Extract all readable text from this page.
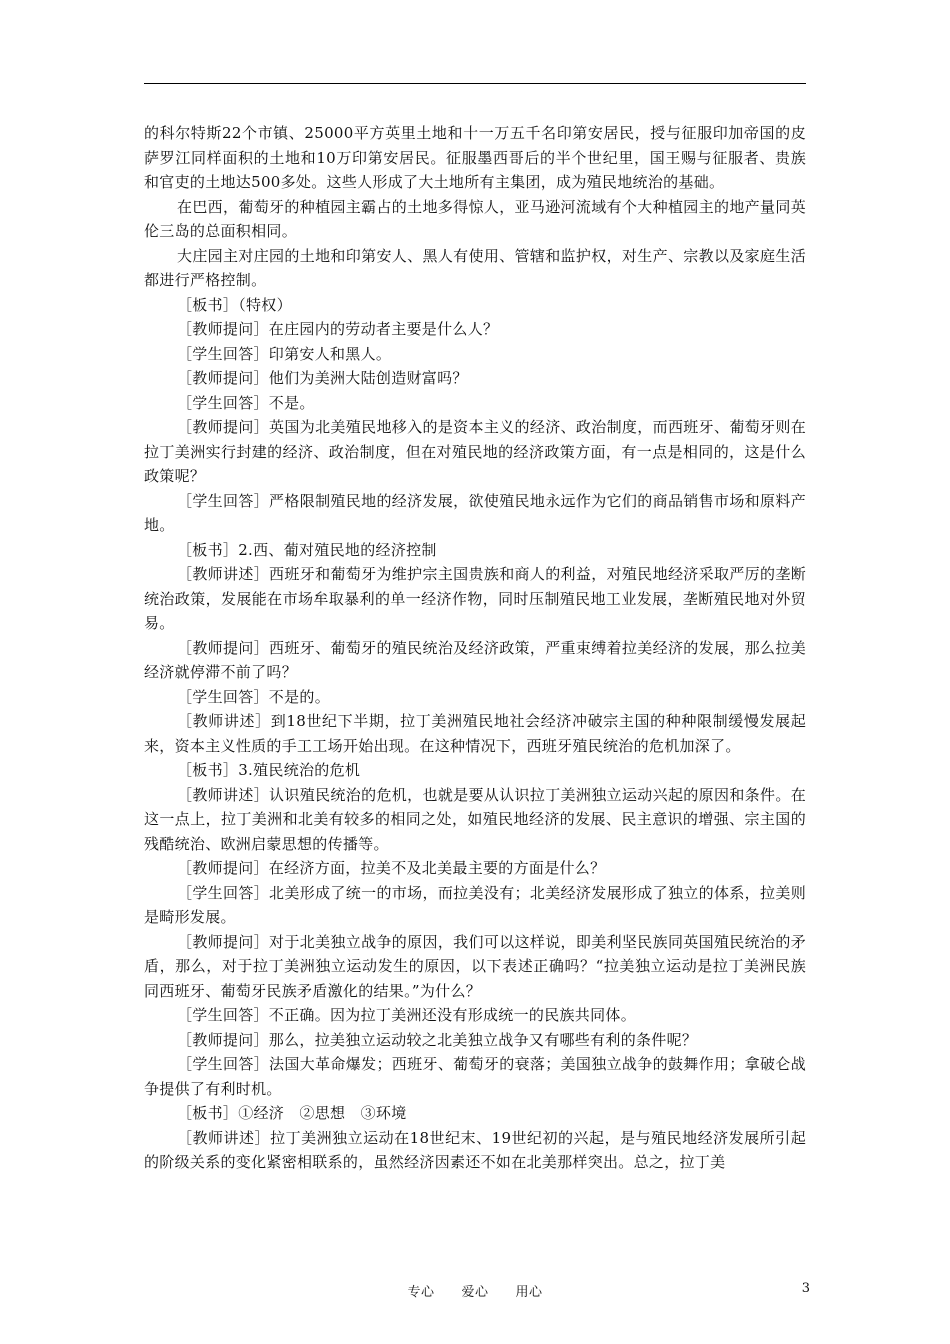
的科尔特斯22个市镇、25000平方英里土地和十一万五千名印第安居民，授与征服印加帝国的皮萨罗江同样面积的土地和10万印第安居民。征服墨西哥后的半个世纪里，国王赐与征服者、贵族和官吏的土地达500多处。这些人形成了大土地所有主集团，成为殖民地统治的基础。

在巴西，葡萄牙的种植园主霸占的土地多得惊人，亚马逊河流域有个大种植园主的地产量同英伦三岛的总面积相同。

大庄园主对庄园的土地和印第安人、黑人有使用、管辖和监护权，对生产、宗教以及家庭生活都进行严格控制。

［板书］（特权）

［教师提问］在庄园内的劳动者主要是什么人？

［学生回答］印第安人和黑人。

［教师提问］他们为美洲大陆创造财富吗？

［学生回答］不是。

［教师提问］英国为北美殖民地移入的是资本主义的经济、政治制度，而西班牙、葡萄牙则在拉丁美洲实行封建的经济、政治制度，但在对殖民地的经济政策方面，有一点是相同的，这是什么政策呢？

［学生回答］严格限制殖民地的经济发展，欲使殖民地永远作为它们的商品销售市场和原料产地。

［板书］2.西、葡对殖民地的经济控制

［教师讲述］西班牙和葡萄牙为维护宗主国贵族和商人的利益，对殖民地经济采取严厉的垄断统治政策，发展能在市场牟取暴利的单一经济作物，同时压制殖民地工业发展，垄断殖民地对外贸易。

［教师提问］西班牙、葡萄牙的殖民统治及经济政策，严重束缚着拉美经济的发展，那么拉美经济就停滞不前了吗？

［学生回答］不是的。

［教师讲述］到18世纪下半期，拉丁美洲殖民地社会经济冲破宗主国的种种限制缓慢发展起来，资本主义性质的手工工场开始出现。在这种情况下，西班牙殖民统治的危机加深了。

［板书］3.殖民统治的危机

［教师讲述］认识殖民统治的危机，也就是要从认识拉丁美洲独立运动兴起的原因和条件。在这一点上，拉丁美洲和北美有较多的相同之处，如殖民地经济的发展、民主意识的增强、宗主国的残酷统治、欧洲启蒙思想的传播等。

［教师提问］在经济方面，拉美不及北美最主要的方面是什么？

［学生回答］北美形成了统一的市场，而拉美没有；北美经济发展形成了独立的体系，拉美则是畸形发展。

［教师提问］对于北美独立战争的原因，我们可以这样说，即美利坚民族同英国殖民统治的矛盾，那么，对于拉丁美洲独立运动发生的原因，以下表述正确吗？“拉美独立运动是拉丁美洲民族同西班牙、葡萄牙民族矛盾激化的结果。”为什么？

［学生回答］不正确。因为拉丁美洲还没有形成统一的民族共同体。

［教师提问］那么，拉美独立运动较之北美独立战争又有哪些有利的条件呢？

［学生回答］法国大革命爆发；西班牙、葡萄牙的衰落；美国独立战争的鼓舞作用；拿破仑战争提供了有利时机。

［板书］①经济　②思想　③环境

［教师讲述］拉丁美洲独立运动在18世纪末、19世纪初的兴起，是与殖民地经济发展所引起的阶级关系的变化紧密相联系的，虽然经济因素还不如在北美那样突出。总之，拉丁美

专心　　爱心　　用心	3
